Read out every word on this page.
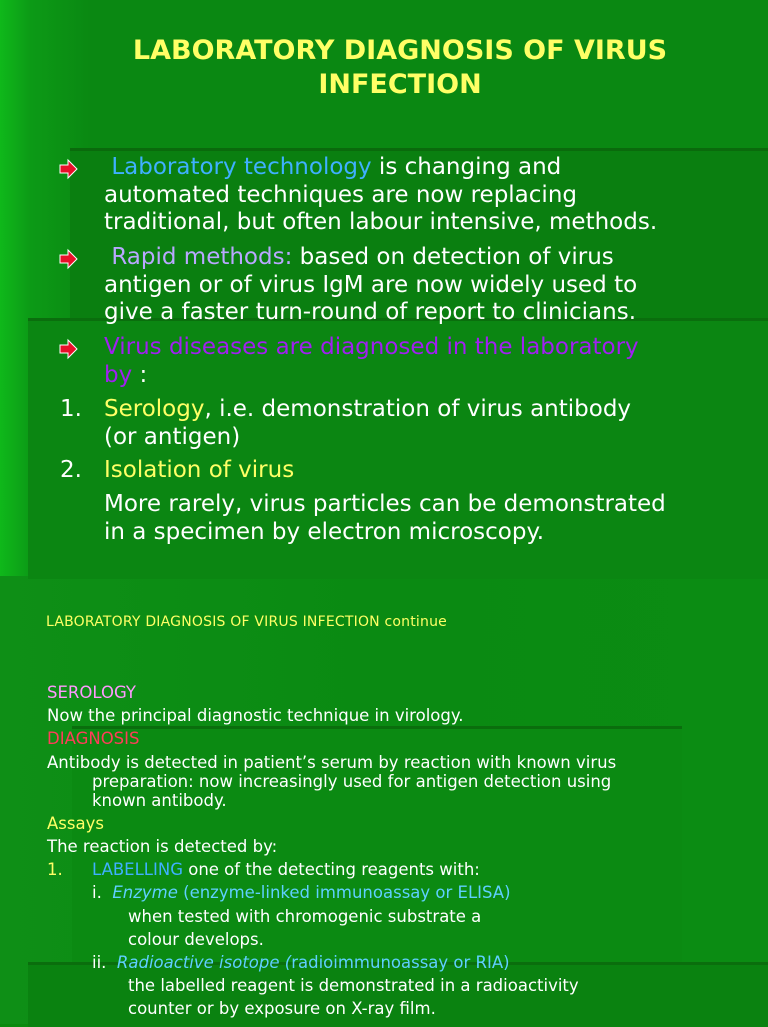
LABORATORY DIAGNOSIS OF VIRUS
INFECTION
Laboratory technology is changing and
automated techniques are now replacing
traditional, but often labour intensive, methods.
Rapid methods: based on detection of virus
antigen or of virus IgM are now widely used to
give a faster turn-round of report to clinicians.
Virus diseases are diagnosed in the laboratory
by :
1. Serology, i.e. demonstration of virus antibody
(or antigen)
2. Isolation of virus
More rarely, virus particles can be demonstrated
in a specimen by electron microscopy.
LABORATORY DIAGNOSIS OF VIRUS INFECTION continue
SEROLOGY
Now the principal diagnostic technique in virology.
DIAGNOSIS
Antibody is detected in patient’s serum by reaction with known virus
preparation: now increasingly used for antigen detection using
known antibody.
Assays
The reaction is detected by:
1. LABELLING one of the detecting reagents with:
i. Enzyme (enzyme-linked immunoassay or ELISA)
when tested with chromogenic substrate a
colour develops.
ii. Radioactive isotope (radioimmunoassay or RIA)
the labelled reagent is demonstrated in a radioactivity
counter or by exposure on X-ray film.
